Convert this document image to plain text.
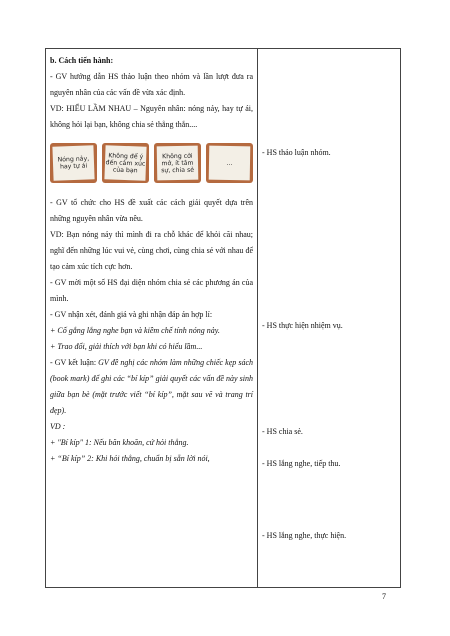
b. Cách tiến hành:
- GV hướng dẫn HS thảo luận theo nhóm và lần lượt đưa ra nguyên nhân của các vấn đề vừa xác định.
VD: HIỂU LẦM NHAU – Nguyên nhân: nóng nảy, hay tự ái, không hỏi lại bạn, không chia sẻ thẳng thắn....
Nóng nảy, hay tự ái
Không để ý đến cảm xúc của bạn
Không cởi mở, ít tâm sự, chia sẻ
...
- GV tổ chức cho HS đề xuất các cách giải quyết dựa trên những nguyên nhân vừa nêu.
VD: Bạn nóng nảy thì mình đi ra chỗ khác để khỏi cãi nhau; nghĩ đến những lúc vui vẻ, cùng chơi, cùng chia sẻ với nhau để tạo cảm xúc tích cực hơn.
- GV mời một số HS đại diện nhóm chia sẻ các phương án của mình.
- GV nhận xét, đánh giá và ghi nhận đáp án hợp lí:
+ Cố gắng lắng nghe bạn và kiềm chế tính nóng nảy.
+ Trao đổi, giải thích với bạn khi có hiểu lầm...
- GV kết luận: GV đề nghị các nhóm làm những chiếc kẹp sách (book mark) để ghi các “bí kíp” giải quyết các vấn đề này sinh giữa bạn bè (mặt trước viết “bí kíp”, mặt sau vẽ và trang trí đẹp).
VD :
+ "Bí kíp" 1: Nếu băn khoăn, cứ hỏi thẳng.
+ “Bí kíp” 2: Khi hỏi thẳng, chuẩn bị sẵn lời nói,
- HS thảo luận nhóm.
- HS thực hiện nhiệm vụ.
- HS chia sẻ.
- HS lắng nghe, tiếp thu.
- HS lắng nghe, thực hiện.
7
